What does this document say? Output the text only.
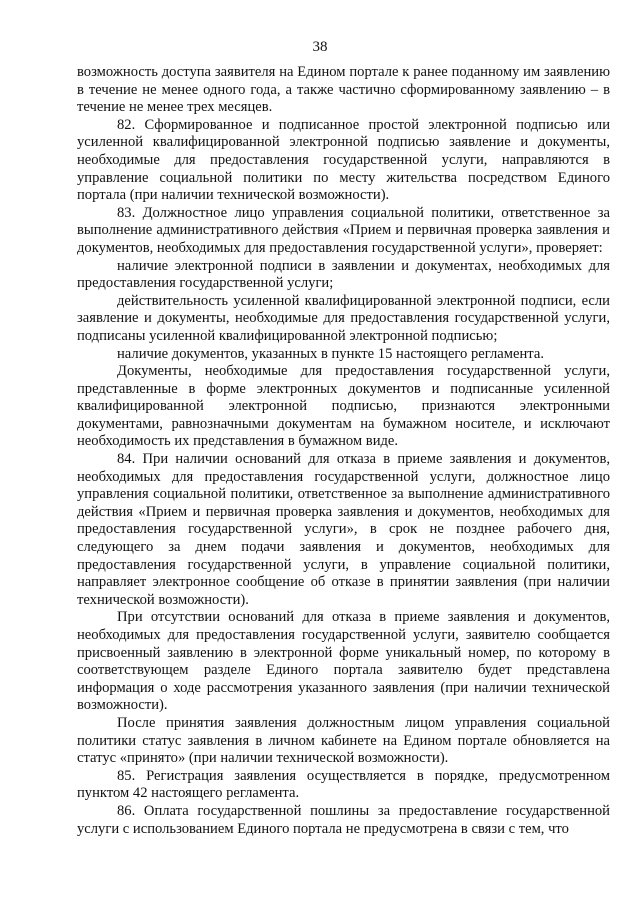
38

возможность доступа заявителя на Едином портале к ранее поданному им заявлению в течение не менее одного года, а также частично сформированному заявлению – в течение не менее трех месяцев.

82. Сформированное и подписанное простой электронной подписью или усиленной квалифицированной электронной подписью заявление и документы, необходимые для предоставления государственной услуги, направляются в управление социальной политики по месту жительства посредством Единого портала (при наличии технической возможности).

83. Должностное лицо управления социальной политики, ответственное за выполнение административного действия «Прием и первичная проверка заявления и документов, необходимых для предоставления государственной услуги», проверяет:

наличие электронной подписи в заявлении и документах, необходимых для предоставления государственной услуги;

действительность усиленной квалифицированной электронной подписи, если заявление и документы, необходимые для предоставления государственной услуги, подписаны усиленной квалифицированной электронной подписью;

наличие документов, указанных в пункте 15 настоящего регламента.

Документы, необходимые для предоставления государственной услуги, представленные в форме электронных документов и подписанные усиленной квалифицированной электронной подписью, признаются электронными документами, равнозначными документам на бумажном носителе, и исключают необходимость их представления в бумажном виде.

84. При наличии оснований для отказа в приеме заявления и документов, необходимых для предоставления государственной услуги, должностное лицо управления социальной политики, ответственное за выполнение административного действия «Прием и первичная проверка заявления и документов, необходимых для предоставления государственной услуги», в срок не позднее рабочего дня, следующего за днем подачи заявления и документов, необходимых для предоставления государственной услуги, в управление социальной политики, направляет электронное сообщение об отказе в принятии заявления (при наличии технической возможности).

При отсутствии оснований для отказа в приеме заявления и документов, необходимых для предоставления государственной услуги, заявителю сообщается присвоенный заявлению в электронной форме уникальный номер, по которому в соответствующем разделе Единого портала заявителю будет представлена информация о ходе рассмотрения указанного заявления (при наличии технической возможности).

После принятия заявления должностным лицом управления социальной политики статус заявления в личном кабинете на Едином портале обновляется на статус «принято» (при наличии технической возможности).

85. Регистрация заявления осуществляется в порядке, предусмотренном пунктом 42 настоящего регламента.

86. Оплата государственной пошлины за предоставление государственной услуги с использованием Единого портала не предусмотрена в связи с тем, что
